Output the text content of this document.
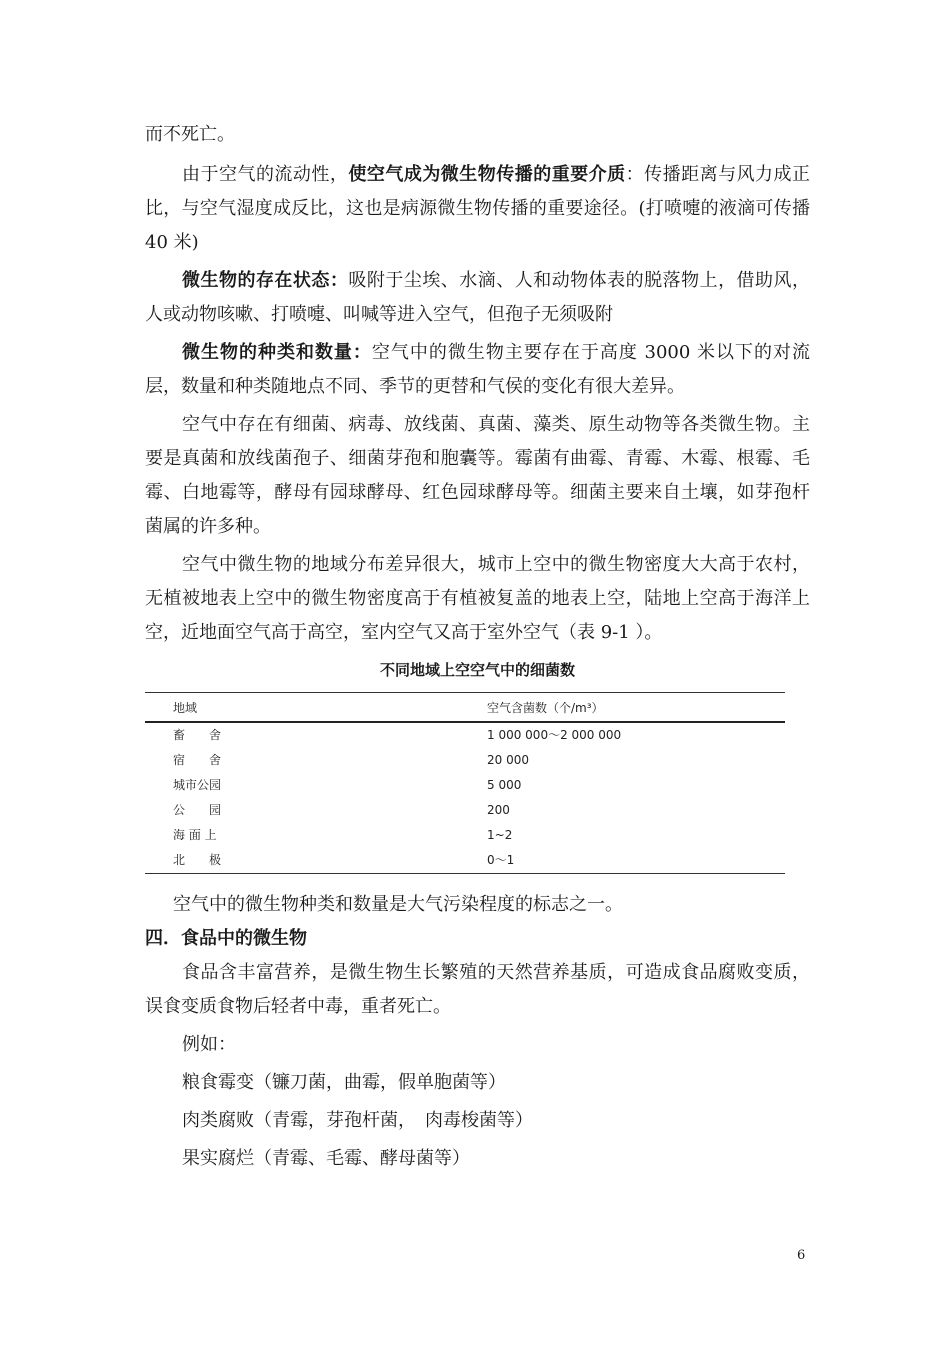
而不死亡。

由于空气的流动性，使空气成为微生物传播的重要介质：传播距离与风力成正比，与空气湿度成反比，这也是病源微生物传播的重要途径。(打喷嚏的液滴可传播 40 米)

微生物的存在状态：吸附于尘埃、水滴、人和动物体表的脱落物上，借助风，人或动物咳嗽、打喷嚏、叫喊等进入空气，但孢子无须吸附

微生物的种类和数量：空气中的微生物主要存在于高度 3000 米以下的对流层，数量和种类随地点不同、季节的更替和气侯的变化有很大差异。

空气中存在有细菌、病毒、放线菌、真菌、藻类、原生动物等各类微生物。主要是真菌和放线菌孢子、细菌芽孢和胞囊等。霉菌有曲霉、青霉、木霉、根霉、毛霉、白地霉等，酵母有园球酵母、红色园球酵母等。细菌主要来自土壤，如芽孢杆菌属的许多种。

空气中微生物的地域分布差异很大，城市上空中的微生物密度大大高于农村，无植被地表上空中的微生物密度高于有植被复盖的地表上空，陆地上空高于海洋上空，近地面空气高于高空，室内空气又高于室外空气（表 9-1 ）。

不同地域上空空气中的细菌数
地域	空气含菌数（个/m³）
畜　　舍	1 000 000～2 000 000
宿　　舍	20 000
城市公园	5 000
公　　园	200
海 面 上	1~2
北　　极	0～1

空气中的微生物种类和数量是大气污染程度的标志之一。

四．食品中的微生物

食品含丰富营养，是微生物生长繁殖的天然营养基质，可造成食品腐败变质，误食变质食物后轻者中毒，重者死亡。

例如：

粮食霉变（镰刀菌，曲霉，假单胞菌等）

肉类腐败（青霉，芽孢杆菌，　肉毒梭菌等）

果实腐烂（青霉、毛霉、酵母菌等）

6
